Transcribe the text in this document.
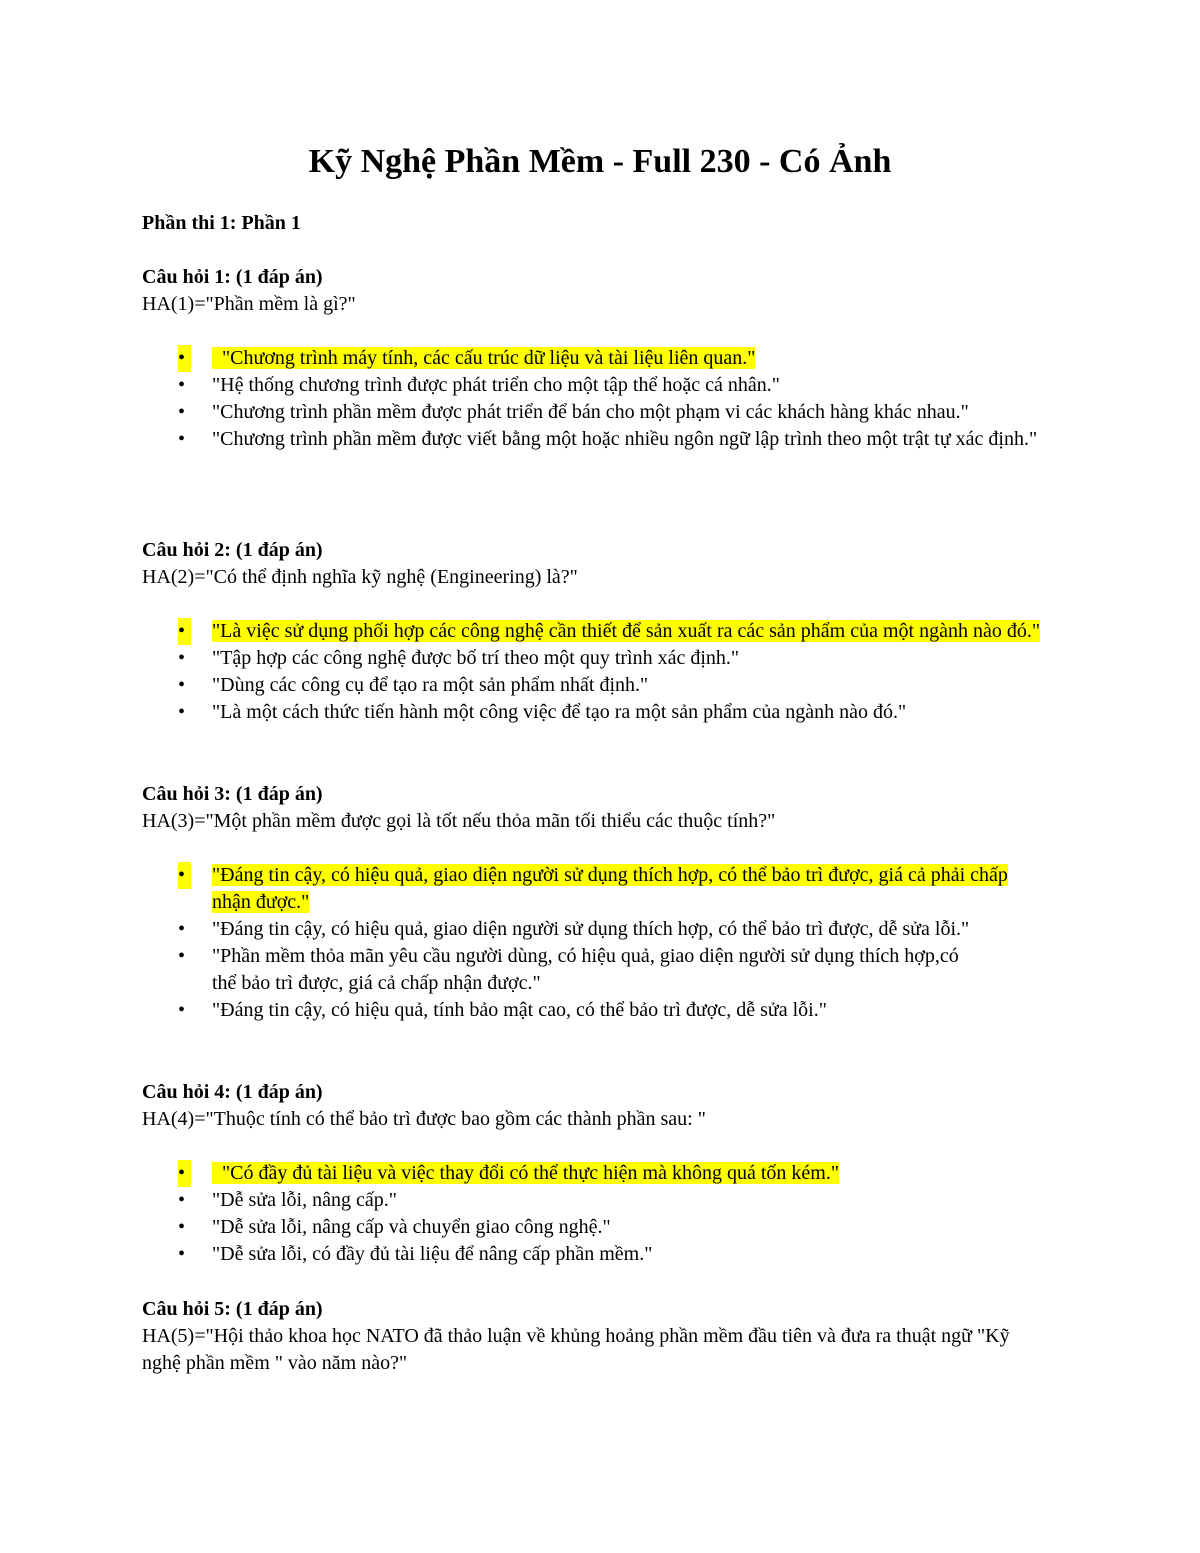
Kỹ Nghệ Phần Mềm - Full 230 - Có Ảnh
Phần thi 1: Phần 1
Câu hỏi 1: (1 đáp án)
HA(1)="Phần mềm là gì?"
•	"Chương trình máy tính, các cấu trúc dữ liệu và tài liệu liên quan."
• "Hệ thống chương trình được phát triển cho một tập thể hoặc cá nhân."
• "Chương trình phần mềm được phát triển để bán cho một phạm vi các khách hàng khác nhau."
• "Chương trình phần mềm được viết bằng một hoặc nhiều ngôn ngữ lập trình theo một trật tự xác định."
Câu hỏi 2: (1 đáp án)
HA(2)="Có thể định nghĩa kỹ nghệ (Engineering) là?"
•	"Là việc sử dụng phối hợp các công nghệ cần thiết để sản xuất ra các sản phẩm của một ngành nào đó."
• "Tập hợp các công nghệ được bố trí theo một quy trình xác định."
• "Dùng các công cụ để tạo ra một sản phẩm nhất định."
• "Là một cách thức tiến hành một công việc để tạo ra một sản phẩm của ngành nào đó."
Câu hỏi 3: (1 đáp án)
HA(3)="Một phần mềm được gọi là tốt nếu thỏa mãn tối thiểu các thuộc tính?"
•	"Đáng tin cậy, có hiệu quả, giao diện người sử dụng thích hợp, có thể bảo trì được, giá cả phải chấp nhận được."
• "Đáng tin cậy, có hiệu quả, giao diện người sử dụng thích hợp, có thể bảo trì được, dễ sửa lỗi."
• "Phần mềm thỏa mãn yêu cầu người dùng, có hiệu quả, giao diện người sử dụng thích hợp,có thể bảo trì được, giá cả chấp nhận được."
• "Đáng tin cậy, có hiệu quả, tính bảo mật cao, có thể bảo trì được, dễ sửa lỗi."
Câu hỏi 4: (1 đáp án)
HA(4)="Thuộc tính có thể bảo trì được bao gồm các thành phần sau: "
•	"Có đầy đủ tài liệu và việc thay đổi có thể thực hiện mà không quá tốn kém."
• "Dễ sửa lỗi, nâng cấp."
• "Dễ sửa lỗi, nâng cấp và chuyển giao công nghệ."
• "Dễ sửa lỗi, có đầy đủ tài liệu để nâng cấp phần mềm."
Câu hỏi 5: (1 đáp án)
HA(5)="Hội thảo khoa học NATO đã thảo luận về khủng hoảng phần mềm đầu tiên và đưa ra thuật ngữ "Kỹ nghệ phần mềm " vào năm nào?"
